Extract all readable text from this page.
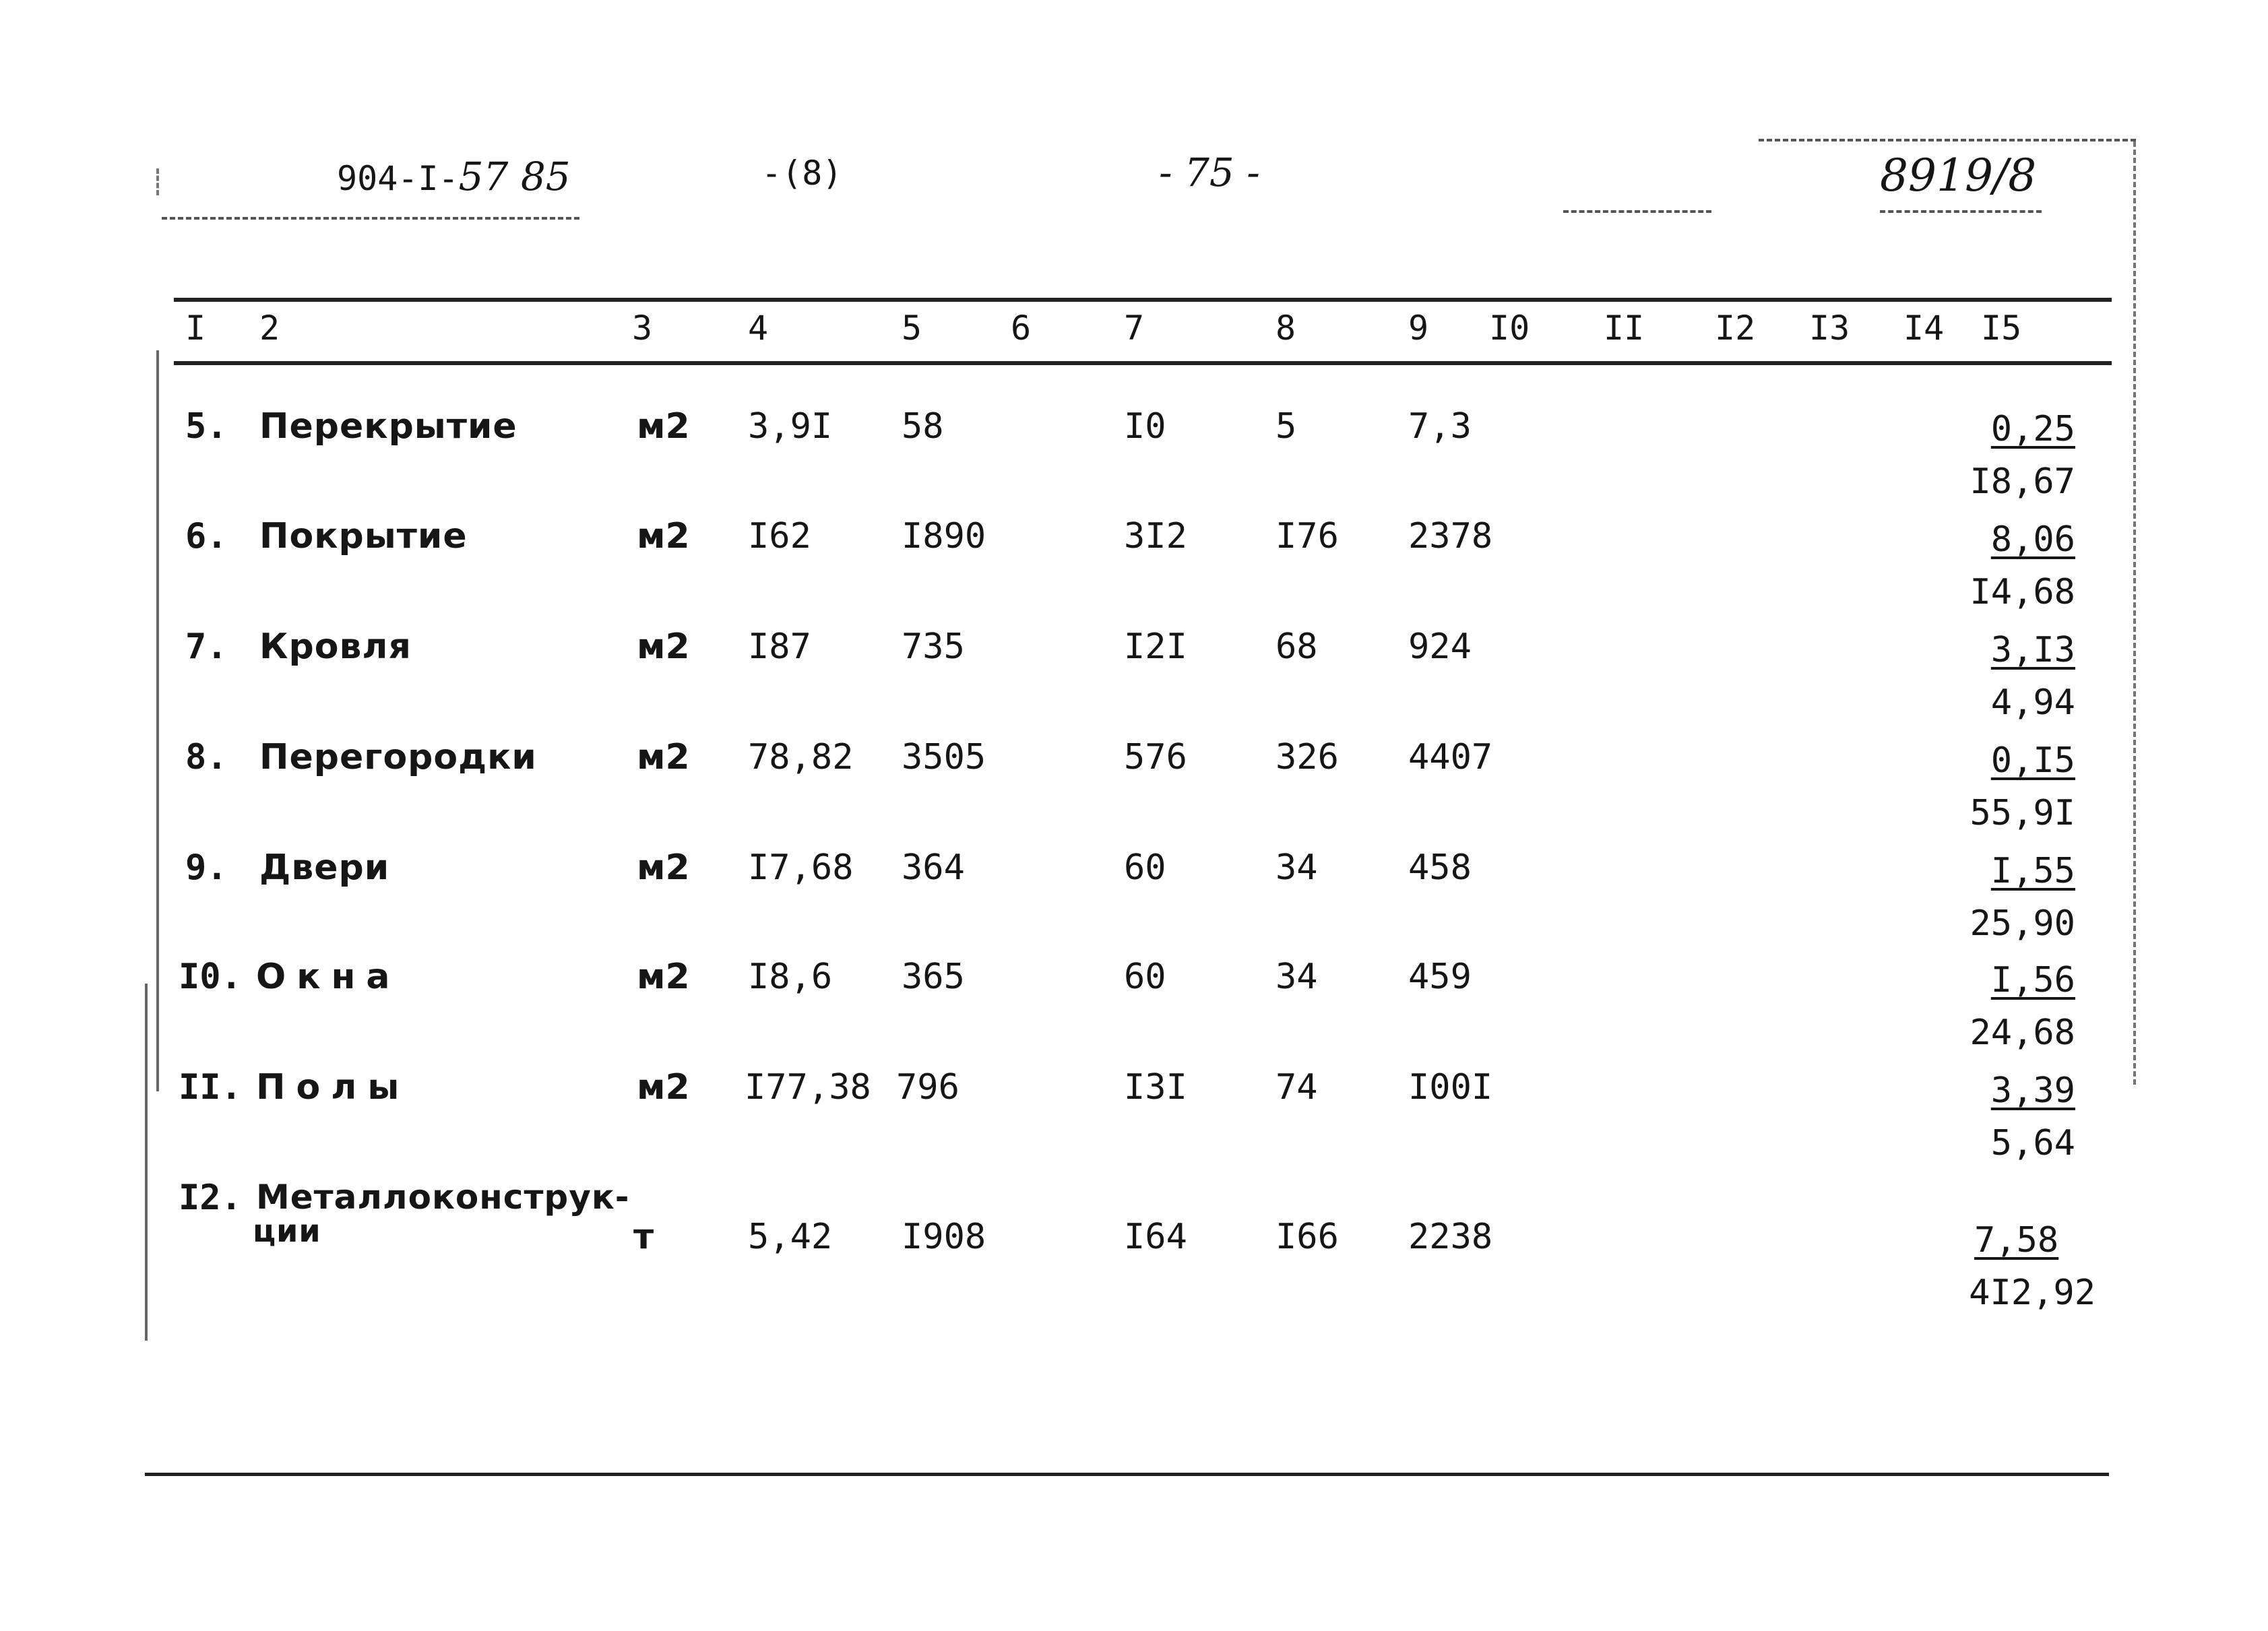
904-I-57 85	-(8)	- 75 -	8919/8
I 2	3	4	5	6	7	8	9 I0 II I2 I3 I4 I5
5. Перекрытие	м2 3,9I 58	I0	5	7,3	$\frac{0,25}{I8,67}$
6. Покрытие	м2 I62	I890	3I2	I76 2378	$\frac{8,06}{I4,68}$
7. Кровля	м2 I87	735	I2I	68	924	$\frac{3,I3}{4,94}$
8. Перегородки	м2 78,82 3505	576	326 4407	$\frac{0,I5}{55,9I}$
9. Двери	м2 I7,68 364	60	34	458	$\frac{I,55}{25,90}$
I0. Окна	м2 I8,6 365	60	34	459	$\frac{I,56}{24,68}$
II. Полы	м2 I77,38 796	I3I	74	I00I	$\frac{3,39}{5,64}$
I2. Металлоконструк-
ции	т	5,42 I908	I64	I66 2238	$\frac{7,58}{4I2,92}$
